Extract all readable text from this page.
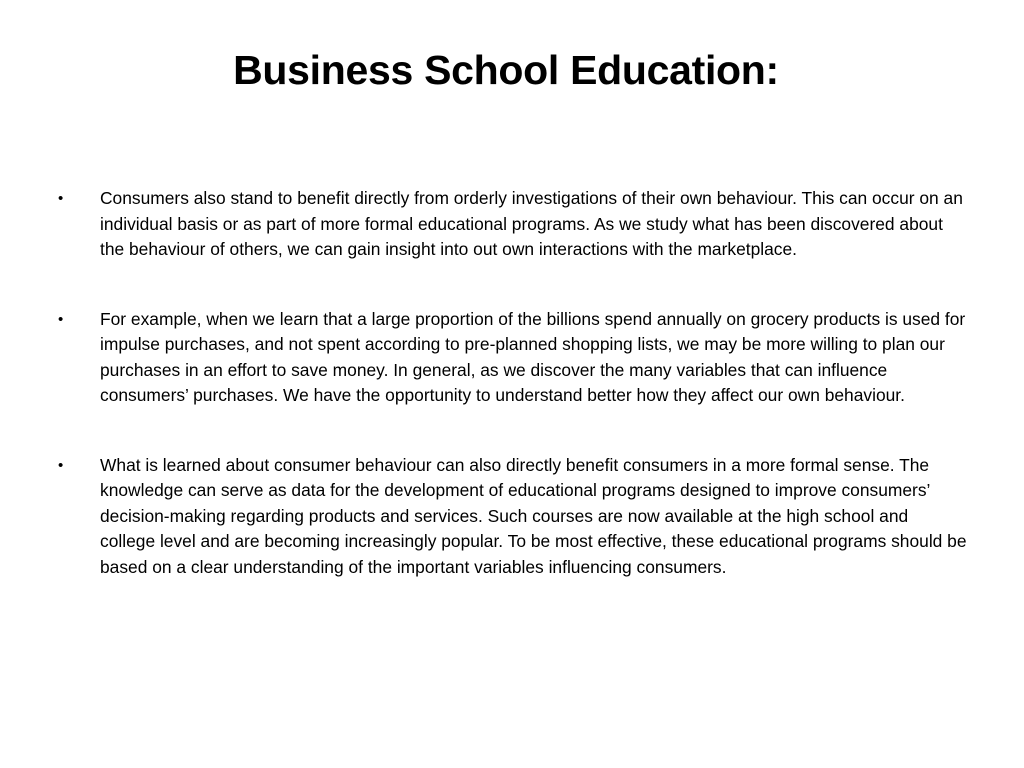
Business School Education:
•	Consumers also stand to benefit directly from orderly investigations of their own behaviour. This can occur on an individual basis or as part of more formal educational programs. As we study what has been discovered about the behaviour of others, we can gain insight into out own interactions with the marketplace.
•	For example, when we learn that a large proportion of the billions spend annually on grocery products is used for impulse purchases, and not spent according to pre-planned shopping lists, we may be more willing to plan our purchases in an effort to save money. In general, as we discover the many variables that can influence consumers’ purchases. We have the opportunity to understand better how they affect our own behaviour.
•	What is learned about consumer behaviour can also directly benefit consumers in a more formal sense. The knowledge can serve as data for the development of educational programs designed to improve consumers’ decision-making regarding products and services. Such courses are now available at the high school and college level and are becoming increasingly popular. To be most effective, these educational programs should be based on a clear understanding of the important variables influencing consumers.
